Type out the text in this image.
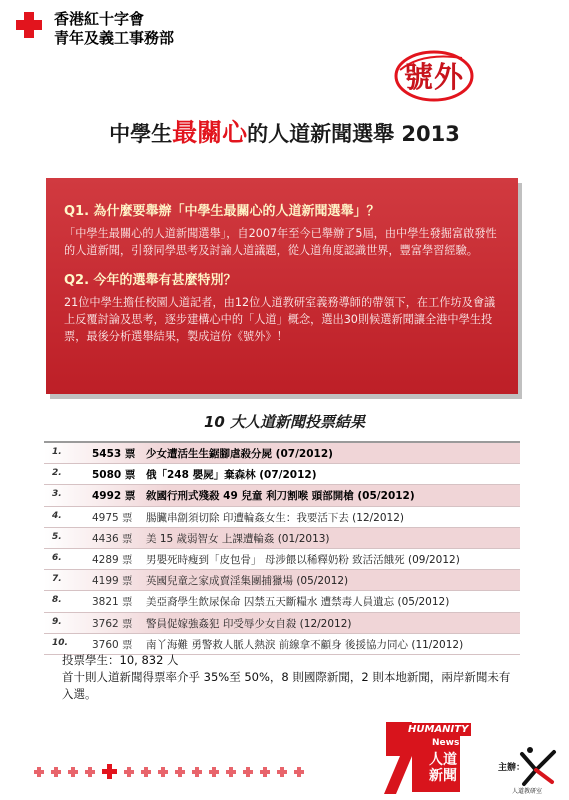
香港紅十字會
青年及義工事務部
號外
中學生最關心的人道新聞選舉 2013
Q1. 為什麼要舉辦「中學生最關心的人道新聞選舉」？
「中學生最關心的人道新聞選舉」，自2007年至今已舉辦了5屆，由中學生發掘富啟發性的人道新聞，引發同學思考及討論人道議題，從人道角度認識世界，豐富學習經驗。
Q2. 今年的選舉有甚麼特別？
21位中學生擔任校園人道記者，由12位人道教研室義務導師的帶領下，在工作坊及會議上反覆討論及思考，逐步建構心中的「人道」概念，選出30則候選新聞讓全港中學生投票，最後分析選舉結果，製成這份《號外》！
10 大人道新聞投票結果
1.	5453 票 少女遭活生生鋸腳虐殺分屍 (07/2012)
2.	5080 票 俄「248 嬰屍」棄森林 (07/2012)
3.	4992 票 敘國行刑式殘殺 49 兒童 利刀割喉 頭部開槍 (05/2012)
4.	4975 票 腸臟串劏須切除 印遭輪姦女生：我要活下去 (12/2012)
5.	4436 票 美 15 歲弱智女 上課遭輪姦 (01/2013)
6.	4289 票 男嬰死時瘦到「皮包骨」 母涉餵以稀釋奶粉 致活活餓死 (09/2012)
7.	4199 票 英國兒童之家成賣淫集團捕獵場 (05/2012)
8.	3821 票 美亞裔學生飲尿保命 囚禁五天斷糧水 遭禁毒人員遺忘 (05/2012)
9.	3762 票 警員促嫁強姦犯 印受辱少女自殺 (12/2012)
10. 3760 票 南丫海難 勇警救人脈人熱淚 前線拿不顧身 後援協力同心 (11/2012)
投票學生：10, 832 人
首十則人道新聞得票率介乎 35%至 50%，8 則國際新聞，2 則本地新聞，兩岸新聞未有入選。
HUMANITY
News
人道新聞	主辦：
人道教研室
